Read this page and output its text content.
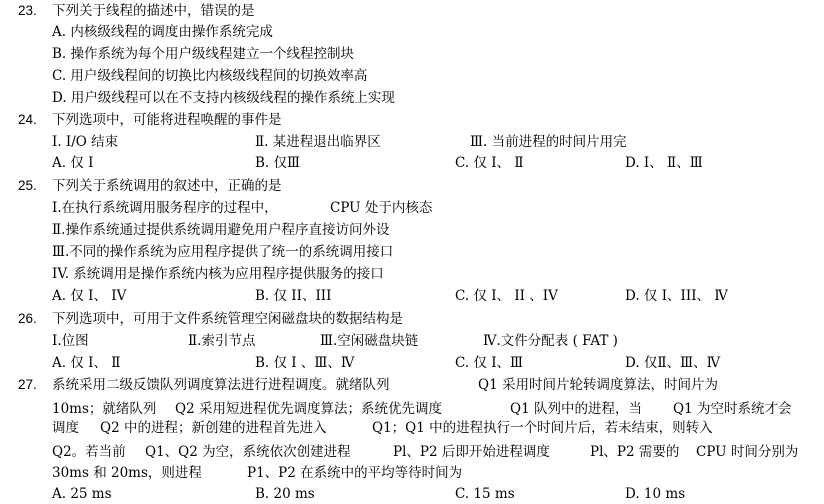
23. 下列关于线程的描述中，错误的是
A. 内核级线程的调度由操作系统完成
B. 操作系统为每个用户级线程建立一个线程控制块
C. 用户级线程间的切换比内核级线程间的切换效率高
D. 用户级线程可以在不支持内核级线程的操作系统上实现
24. 下列选项中，可能将进程唤醒的事件是
I. I/O 结束	Ⅱ. 某进程退出临界区	Ⅲ. 当前进程的时间片用完
A. 仅 I	B. 仅Ⅲ	C. 仅 I、 Ⅱ	D. I、 Ⅱ、Ⅲ
25. 下列关于系统调用的叙述中，正确的是
I.在执行系统调用服务程序的过程中，	CPU 处于内核态
Ⅱ.操作系统通过提供系统调用避免用户程序直接访问外设
Ⅲ.不同的操作系统为应用程序提供了统一的系统调用接口
IV. 系统调用是操作系统内核为应用程序提供服务的接口
A. 仅 I、 IV	B. 仅 II、III	C. 仅 I、 II 、IV	D. 仅 I、III、 Ⅳ
26. 下列选项中，可用于文件系统管理空闲磁盘块的数据结构是
I.位图	Ⅱ.索引节点	Ⅲ.空闲磁盘块链	Ⅳ.文件分配表 ( FAT )
A. 仅 I、 Ⅱ	B. 仅 I 、Ⅲ、Ⅳ	C. 仅 I、Ⅲ	D. 仅Ⅱ、Ⅲ、Ⅳ
27. 系统采用二级反馈队列调度算法进行进程调度。就绪队列	Q1 采用时间片轮转调度算法，时间片为
10ms；就绪队列 Q2 采用短进程优先调度算法；系统优先调度	Q1 队列中的进程，当 Q1 为空时系统才会
调度 Q2 中的进程；新创建的进程首先进入	Q1；Q1 中的进程执行一个时间片后，若未结束，则转入
Q2。若当前 Q1、Q2 为空，系统依次创建进程	Pl、P2 后即开始进程调度	Pl、P2 需要的 CPU 时间分别为
30ms 和 20ms，则进程	P1、P2 在系统中的平均等待时间为
A. 25 ms	B. 20 ms	C. 15 ms	D. 10 ms
